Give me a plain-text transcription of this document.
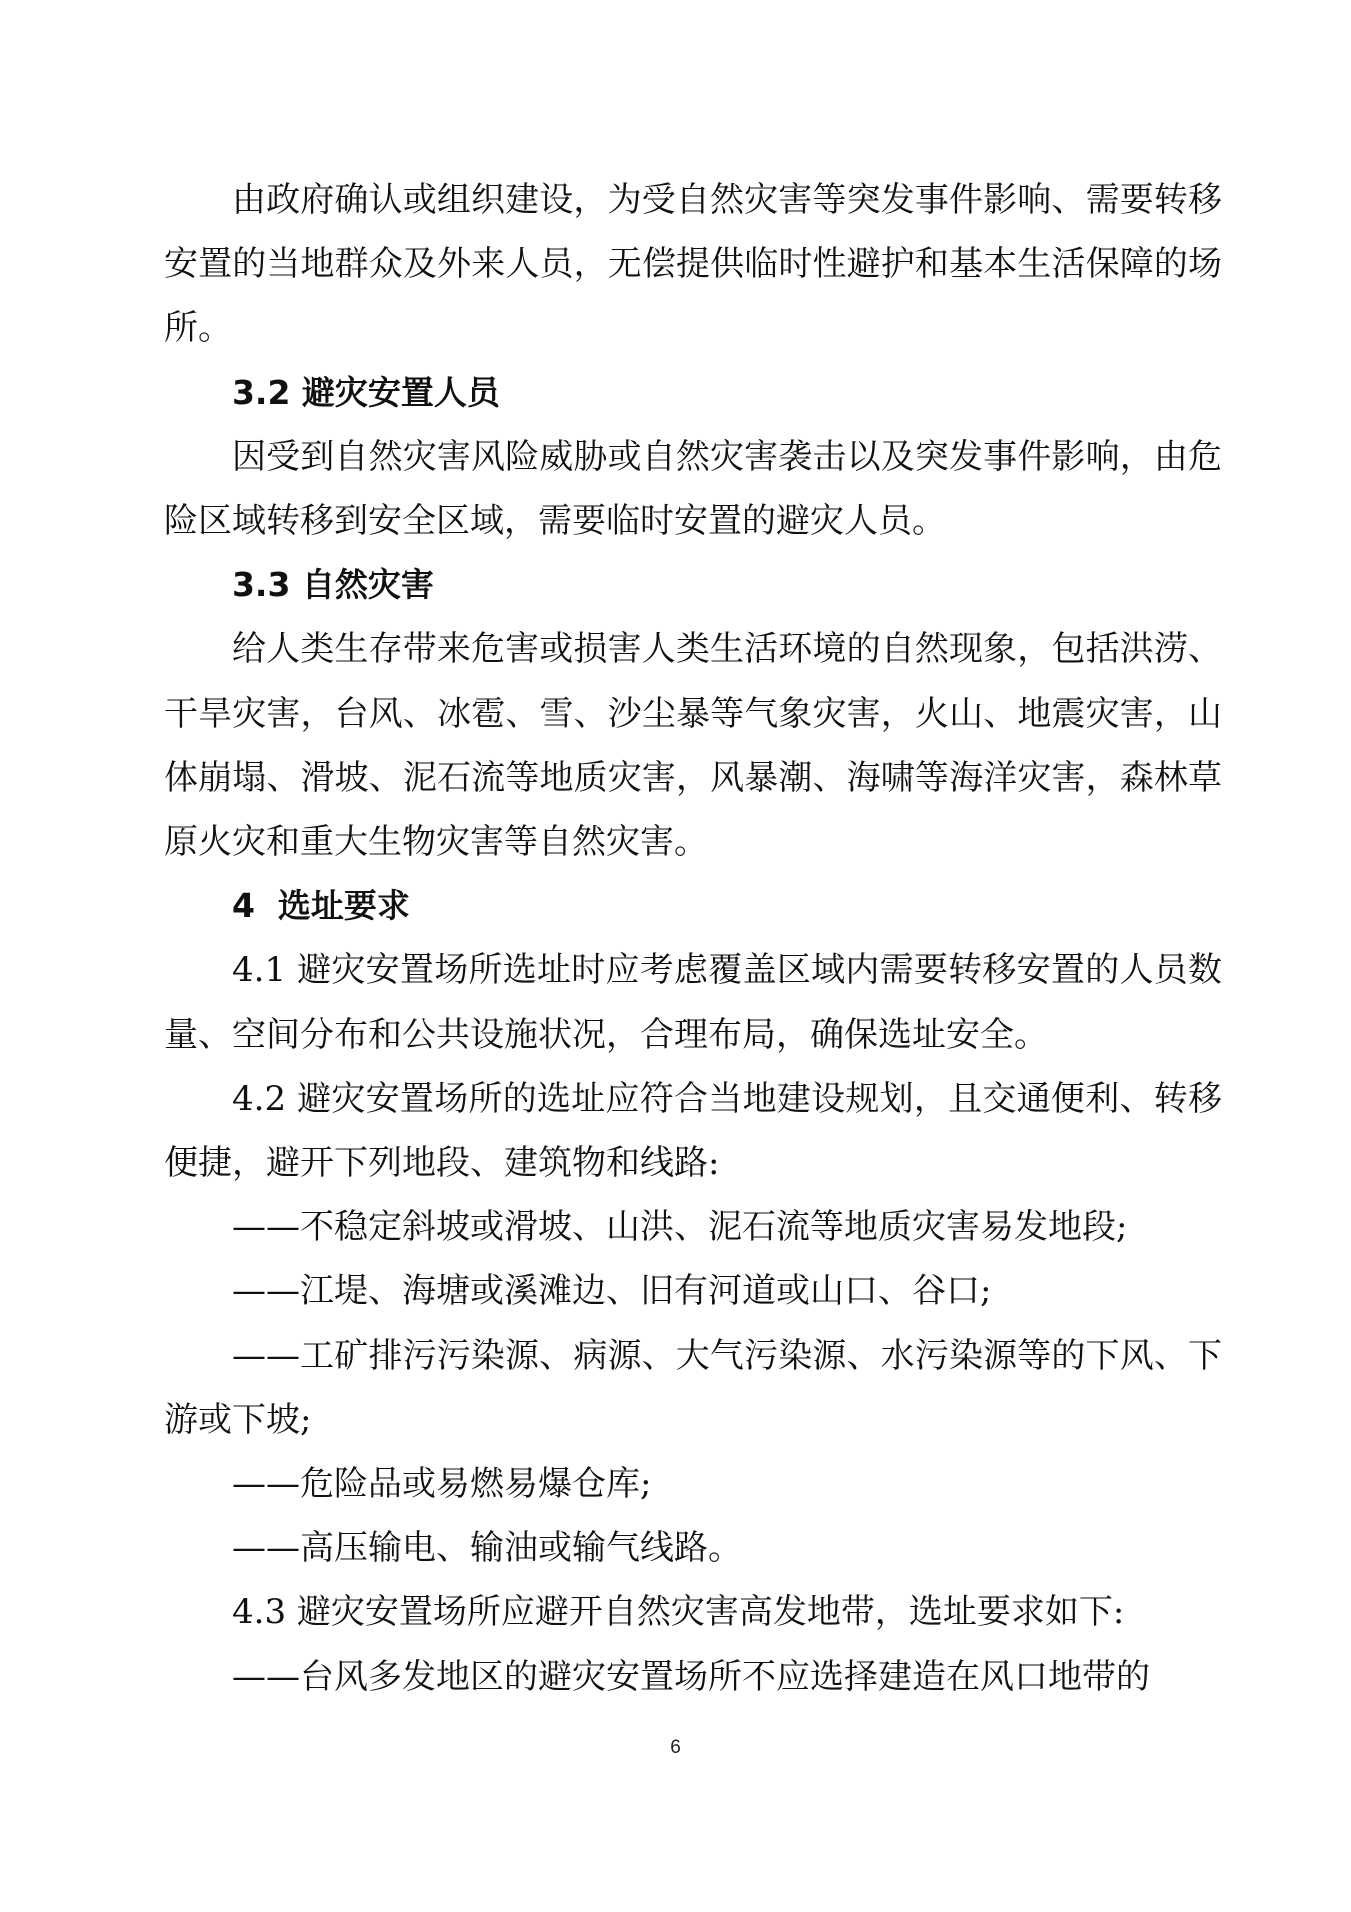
由政府确认或组织建设，为受自然灾害等突发事件影响、需要转移安置的当地群众及外来人员，无偿提供临时性避护和基本生活保障的场所。

3.2 避灾安置人员

因受到自然灾害风险威胁或自然灾害袭击以及突发事件影响，由危险区域转移到安全区域，需要临时安置的避灾人员。

3.3 自然灾害

给人类生存带来危害或损害人类生活环境的自然现象，包括洪涝、干旱灾害，台风、冰雹、雪、沙尘暴等气象灾害，火山、地震灾害，山体崩塌、滑坡、泥石流等地质灾害，风暴潮、海啸等海洋灾害，森林草原火灾和重大生物灾害等自然灾害。

4  选址要求

4.1 避灾安置场所选址时应考虑覆盖区域内需要转移安置的人员数量、空间分布和公共设施状况，合理布局，确保选址安全。

4.2 避灾安置场所的选址应符合当地建设规划，且交通便利、转移便捷，避开下列地段、建筑物和线路:

——不稳定斜坡或滑坡、山洪、泥石流等地质灾害易发地段;

——江堤、海塘或溪滩边、旧有河道或山口、谷口;

——工矿排污污染源、病源、大气污染源、水污染源等的下风、下游或下坡;

——危险品或易燃易爆仓库;

——高压输电、输油或输气线路。

4.3 避灾安置场所应避开自然灾害高发地带，选址要求如下:

——台风多发地区的避灾安置场所不应选择建造在风口地带的

6
